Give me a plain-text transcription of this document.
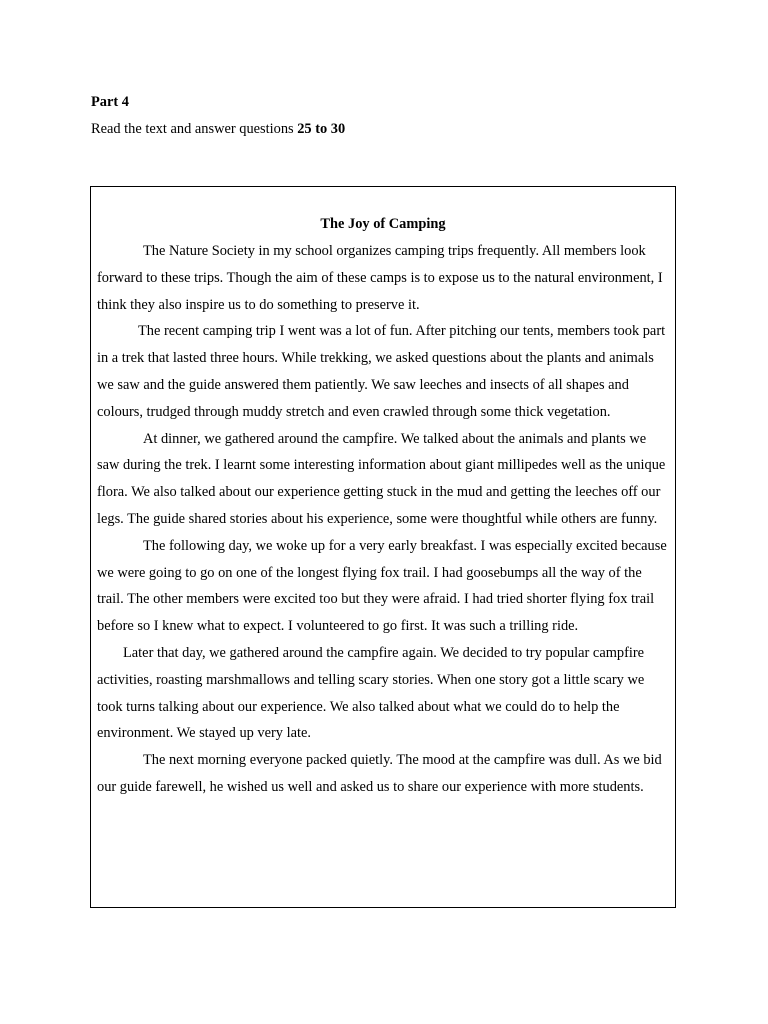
Part 4

Read the text and answer questions 25 to 30

The Joy of Camping

The Nature Society in my school organizes camping trips frequently. All members look forward to these trips. Though the aim of these camps is to expose us to the natural environment, I think they also inspire us to do something to preserve it.

The recent camping trip I went was a lot of fun. After pitching our tents, members took part in a trek that lasted three hours. While trekking, we asked questions about the plants and animals we saw and the guide answered them patiently. We saw leeches and insects of all shapes and colours, trudged through muddy stretch and even crawled through some thick vegetation.

At dinner, we gathered around the campfire. We talked about the animals and plants we saw during the trek. I learnt some interesting information about giant millipedes well as the unique flora. We also talked about our experience getting stuck in the mud and getting the leeches off our legs. The guide shared stories about his experience, some were thoughtful while others are funny.

The following day, we woke up for a very early breakfast. I was especially excited because we were going to go on one of the longest flying fox trail. I had goosebumps all the way of the trail. The other members were excited too but they were afraid. I had tried shorter flying fox trail before so I knew what to expect. I volunteered to go first. It was such a trilling ride.

Later that day, we gathered around the campfire again. We decided to try popular campfire activities, roasting marshmallows and telling scary stories. When one story got a little scary we took turns talking about our experience. We also talked about what we could do to help the environment. We stayed up very late.

The next morning everyone packed quietly. The mood at the campfire was dull. As we bid our guide farewell, he wished us well and asked us to share our experience with more students.
